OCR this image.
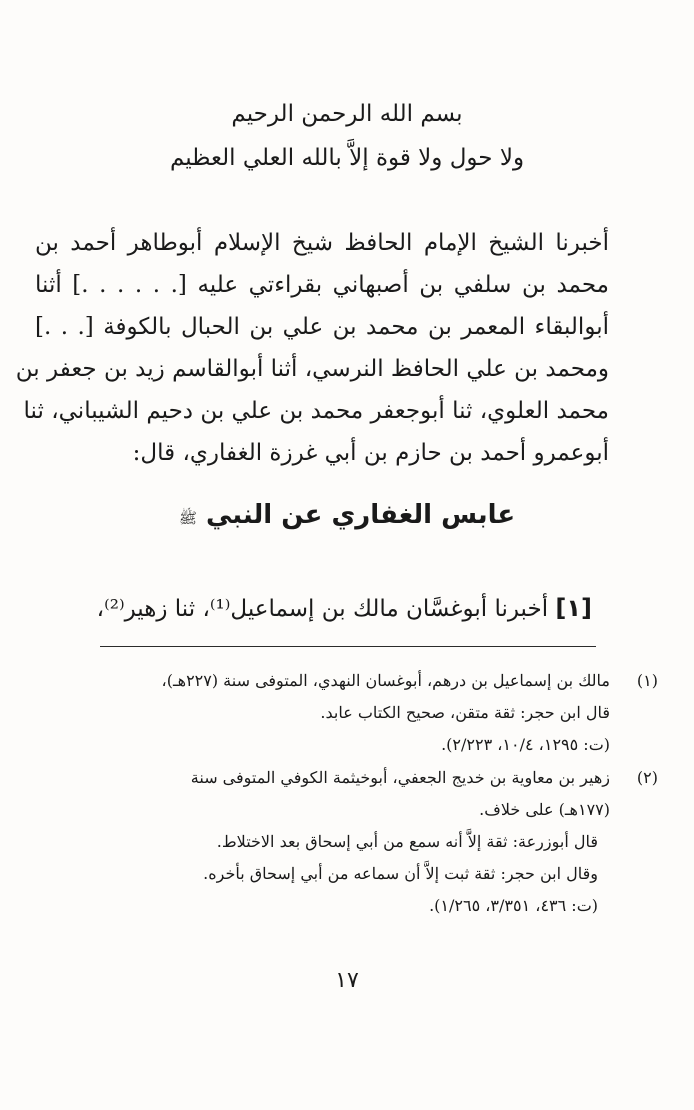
بسم الله الرحمن الرحيم
ولا حول ولا قوة إلاَّ بالله العلي العظيم
أخبرنا الشيخ الإمام الحافظ شيخ الإسلام أبوطاهر أحمد بن
محمد بن سلفي بن أصبهاني بقراءتي عليه [. . . . . .] أثنا
أبوالبقاء المعمر بن محمد بن علي بن الحبال بالكوفة [. . .]
ومحمد بن علي الحافظ النرسي، أثنا أبوالقاسم زيد بن جعفر بن
محمد العلوي، ثنا أبوجعفر محمد بن علي بن دحيم الشيباني، ثنا
أبوعمرو أحمد بن حازم بن أبي غرزة الغفاري، قال:
عابس الغفاري عن النبي ﷺ
[١] أخبرنا أبوغسَّان مالك بن إسماعيل⁽¹⁾، ثنا زهير⁽²⁾،
(١)
مالك بن إسماعيل بن درهم، أبوغسان النهدي، المتوفى سنة (٢٢٧هـ)،
قال ابن حجر: ثقة متقن، صحيح الكتاب عابد.
(ت: ١٢٩٥، ١٠/٤، ٢/٢٢٣).
(٢)
زهير بن معاوية بن خديج الجعفي، أبوخيثمة الكوفي المتوفى سنة
(١٧٧هـ) على خلاف.
قال أبوزرعة: ثقة إلاَّ أنه سمع من أبي إسحاق بعد الاختلاط.
وقال ابن حجر: ثقة ثبت إلاَّ أن سماعه من أبي إسحاق بأخره.
(ت: ٤٣٦، ٣/٣٥١، ١/٢٦٥).
١٧
